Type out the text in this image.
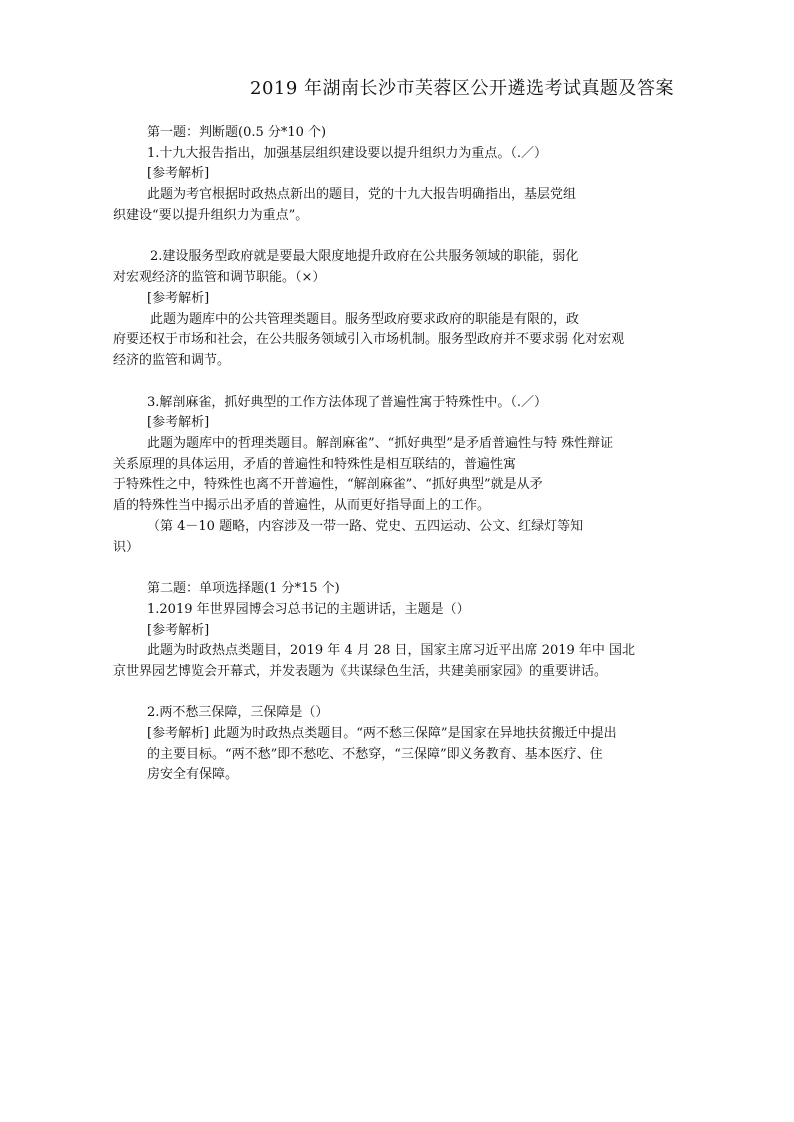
2019 年湖南长沙市芙蓉区公开遴选考试真题及答案
第一题：判断题(0.5 分*10 个)
1.十九大报告指出，加强基层组织建设要以提升组织力为重点。（.／）
[参考解析]
此题为考官根据时政热点新出的题目，党的十九大报告明确指出，基层党组
织建设“要以提升组织力为重点”。
2.建设服务型政府就是要最大限度地提升政府在公共服务领域的职能，弱化
对宏观经济的监管和调节职能。（×）
[参考解析]
此题为题库中的公共管理类题目。服务型政府要求政府的职能是有限的，政
府要还权于市场和社会，在公共服务领域引入市场机制。服务型政府并不要求弱 化对宏观
经济的监管和调节。
3.解剖麻雀，抓好典型的工作方法体现了普遍性寓于特殊性中。（.／）
[参考解析]
此题为题库中的哲理类题目。解剖麻雀”、“抓好典型”是矛盾普遍性与特 殊性辩证
关系原理的具体运用，矛盾的普遍性和特殊性是相互联结的，普遍性寓
于特殊性之中，特殊性也离不开普遍性，“解剖麻雀”、“抓好典型”就是从矛
盾的特殊性当中揭示出矛盾的普遍性，从而更好指导面上的工作。
（第 4－10 题略，内容涉及一带一路、党史、五四运动、公文、红绿灯等知
识）
第二题：单项选择题(1 分*15 个)
1.2019 年世界园博会习总书记的主题讲话，主题是（）
[参考解析]
此题为时政热点类题目，2019 年 4 月 28 日，国家主席习近平出席 2019 年中 国北
京世界园艺博览会开幕式，并发表题为《共谋绿色生活，共建美丽家园》的重要讲话。
2.两不愁三保障，三保障是（）
[参考解析] 此题为时政热点类题目。“两不愁三保障”是国家在异地扶贫搬迁中提出
的主要目标。“两不愁”即不愁吃、不愁穿，“三保障”即义务教育、基本医疗、住
房安全有保障。
